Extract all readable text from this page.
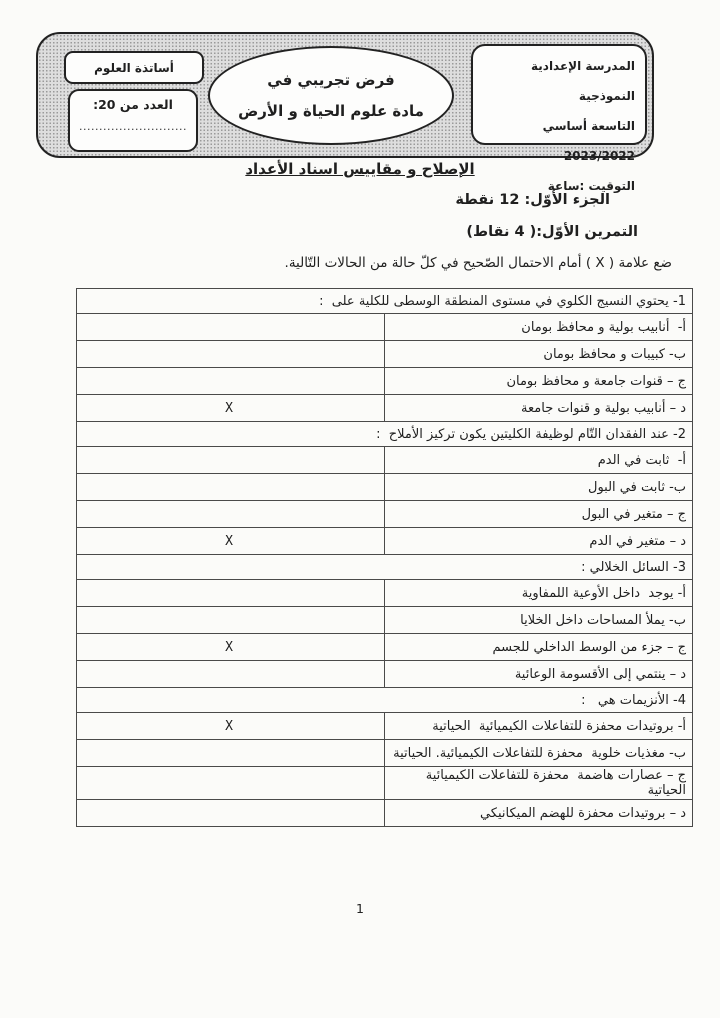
المدرسة الإعدادية النموذجية
التاسعة أساسي 2023/2022
التوقيت :ساعة
فرض تجريبي في
مادة علوم الحياة و الأرض
أساتذة العلوم
العدد من 20:
...........................
الإصلاح و مقاييس اسناد الأعداد
الجزء الأوّل: 12 نقطة
التمرين الأوّل:( 4 نقاط)
ضع علامة ( X ) أمام الاحتمال الصّحيح في كلّ حالة من الحالات التّالية.
1- يحتوي النسيج الكلوي في مستوى المنطقة الوسطى للكلية على  :	
أ-  أنابيب بولية و محافظ بومان	
ب- كبيبات و محافظ بومان	
ج – قنوات جامعة و محافظ بومان	
د – أنابيب بولية و قنوات جامعة	X
2- عند الفقدان التّام لوظيفة الكليتين يكون تركيز الأملاح  :	
أ-  ثابت في الدم	
ب- ثابت في البول	
ج – متغير في البول	
د – متغير في الدم	X
3- السائل الخلالي :	
أ- يوجد  داخل الأوعية اللمفاوية	
ب- يملأ المساحات داخل الخلايا	
ج – جزء من الوسط الداخلي للجسم	X
د – ينتمي إلى الأقسومة الوعائية	
4- الأنزيمات هي   :	
أ- بروتيدات محفزة للتفاعلات الكيميائية  الحياتية	X
ب- مغذيات خلوية  محفزة للتفاعلات الكيميائية. الحياتية	
ج – عصارات هاضمة  محفزة للتفاعلات الكيميائية  الحياتية	
د – بروتيدات محفزة للهضم الميكانيكي	
1
